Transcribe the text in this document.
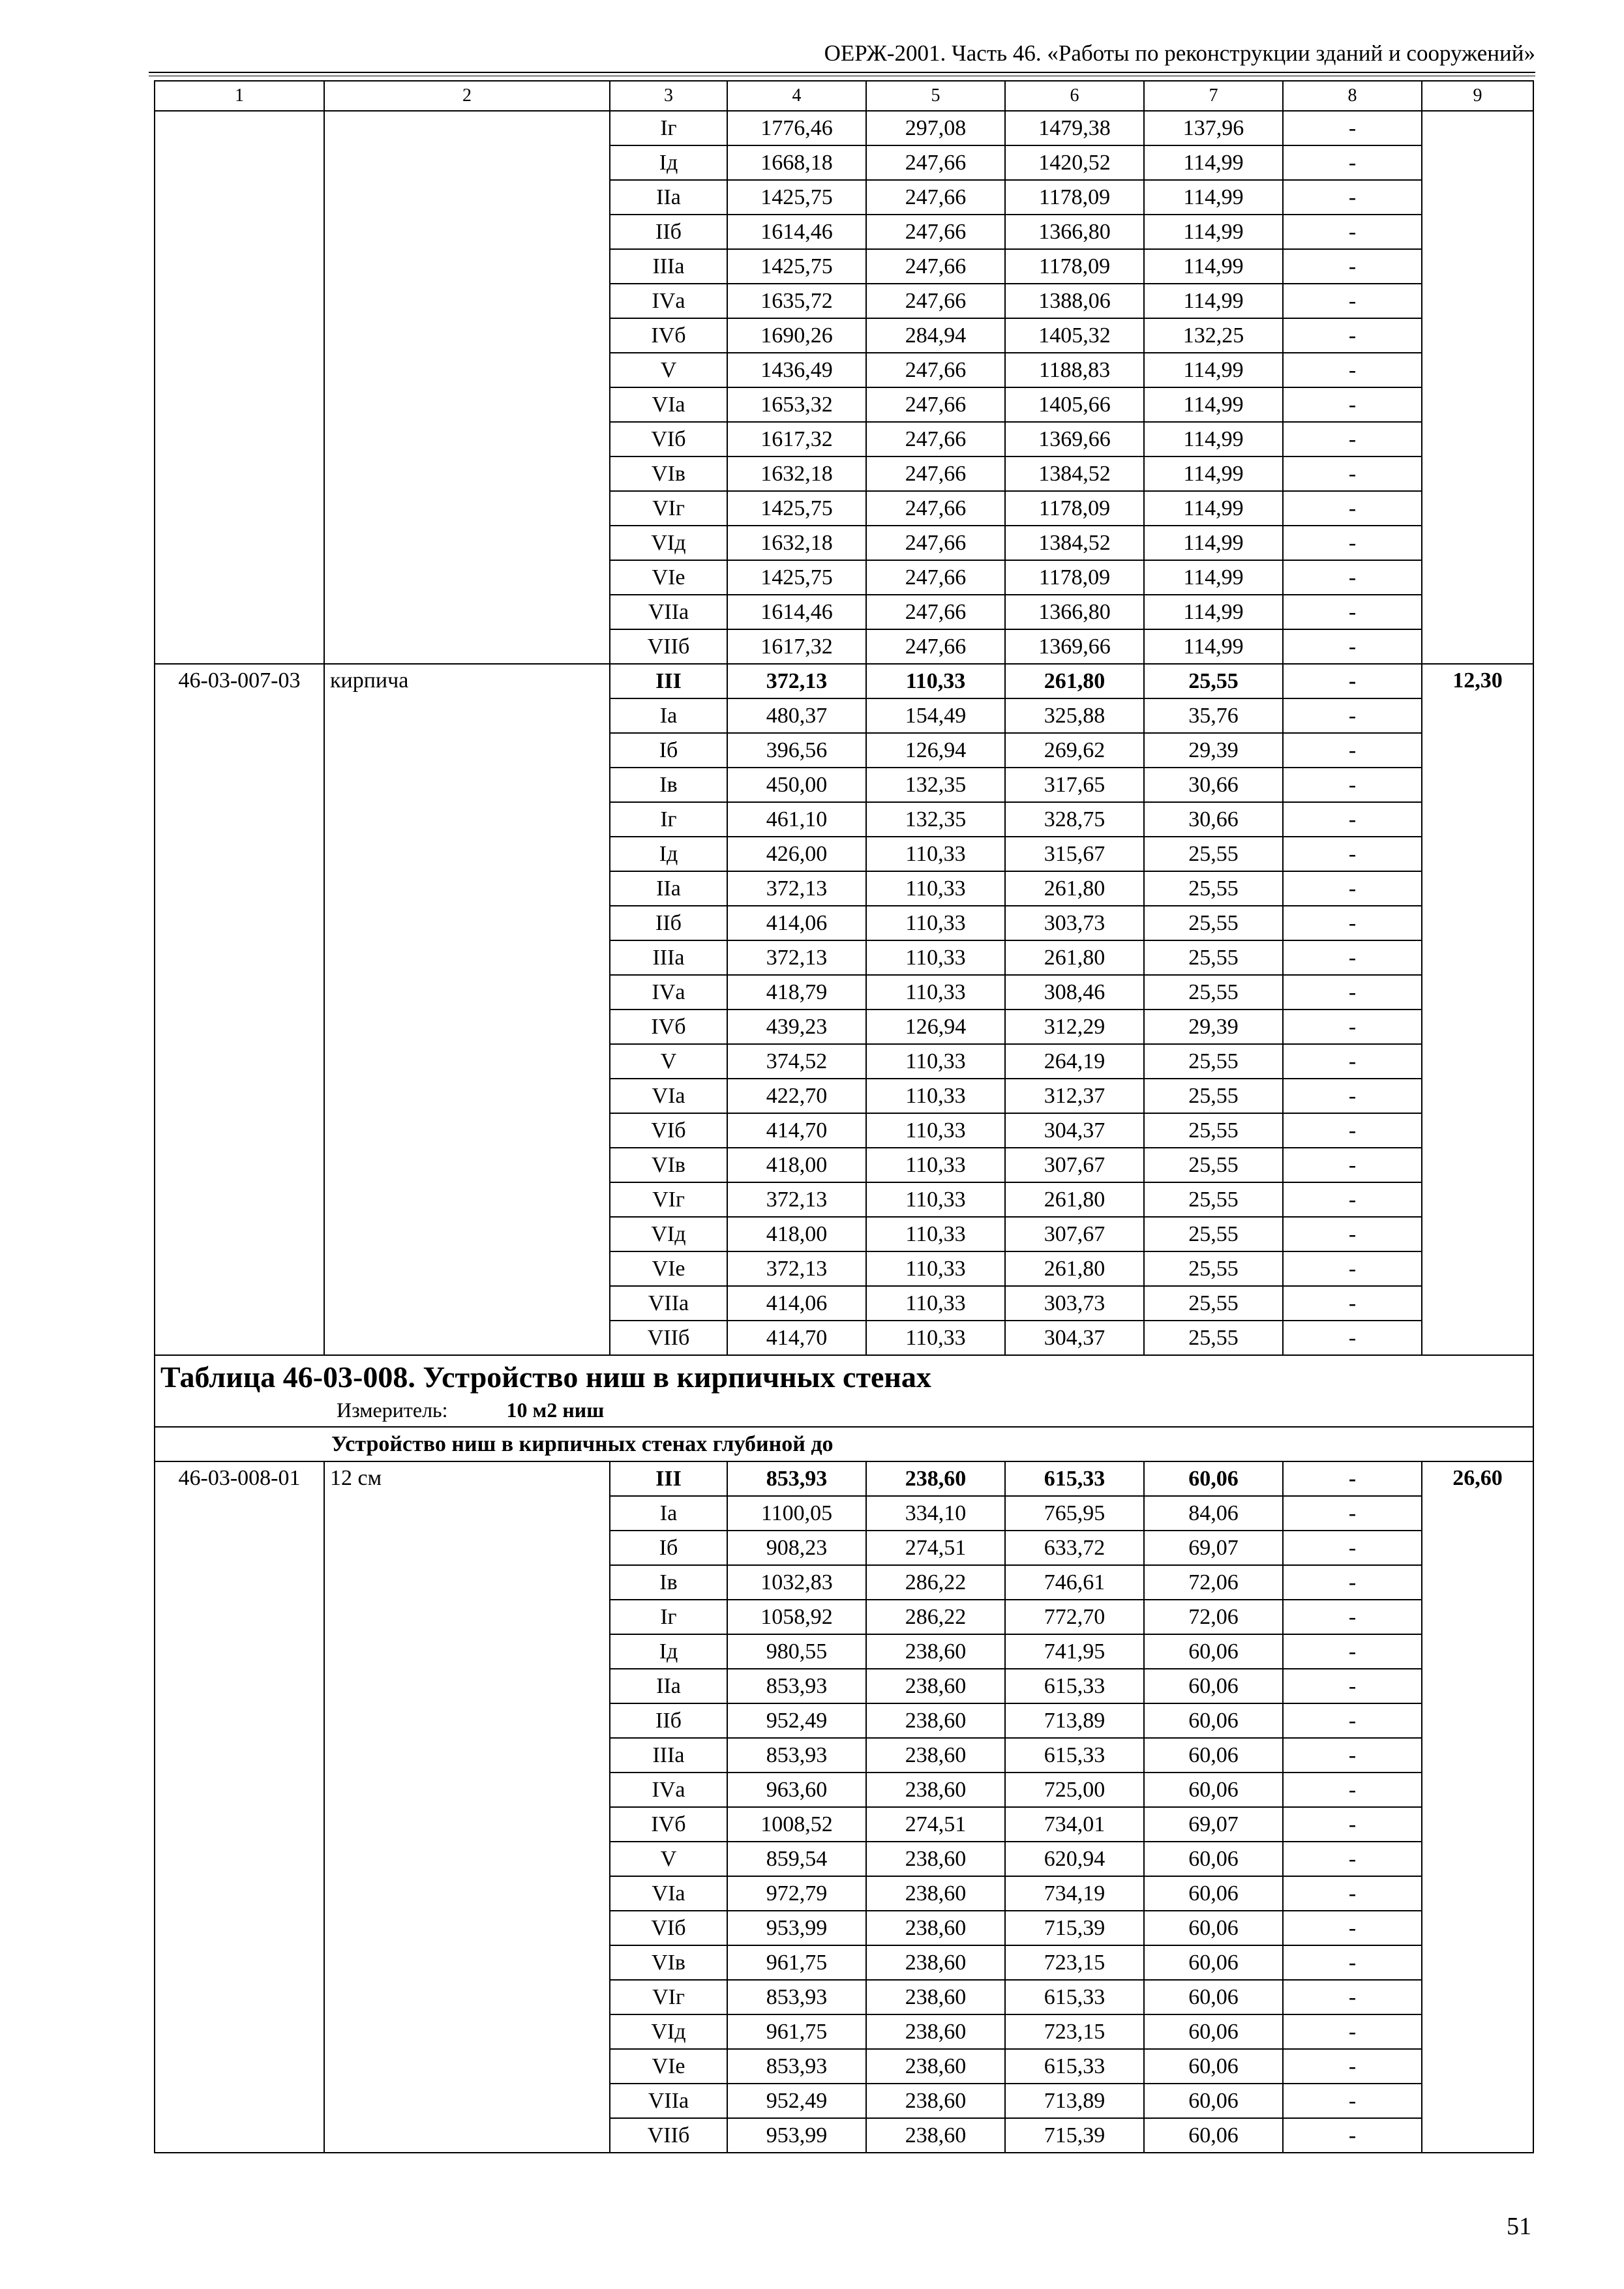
ОЕРЖ-2001. Часть 46. «Работы по реконструкции зданий и сооружений»
1	2	3	4	5	6	7	8	9
		Iг	1776,46	297,08	1479,38	137,96	-	
		Iд	1668,18	247,66	1420,52	114,99	-	
		IIа	1425,75	247,66	1178,09	114,99	-	
		IIб	1614,46	247,66	1366,80	114,99	-	
		IIIа	1425,75	247,66	1178,09	114,99	-	
		IVа	1635,72	247,66	1388,06	114,99	-	
		IVб	1690,26	284,94	1405,32	132,25	-	
		V	1436,49	247,66	1188,83	114,99	-	
		VIа	1653,32	247,66	1405,66	114,99	-	
		VIб	1617,32	247,66	1369,66	114,99	-	
		VIв	1632,18	247,66	1384,52	114,99	-	
		VIг	1425,75	247,66	1178,09	114,99	-	
		VIд	1632,18	247,66	1384,52	114,99	-	
		VIе	1425,75	247,66	1178,09	114,99	-	
		VIIа	1614,46	247,66	1366,80	114,99	-	
		VIIб	1617,32	247,66	1369,66	114,99	-	
46-03-007-03	кирпича	III	372,13	110,33	261,80	25,55	-	12,30
		Iа	480,37	154,49	325,88	35,76	-	
		Iб	396,56	126,94	269,62	29,39	-	
		Iв	450,00	132,35	317,65	30,66	-	
		Iг	461,10	132,35	328,75	30,66	-	
		Iд	426,00	110,33	315,67	25,55	-	
		IIа	372,13	110,33	261,80	25,55	-	
		IIб	414,06	110,33	303,73	25,55	-	
		IIIа	372,13	110,33	261,80	25,55	-	
		IVа	418,79	110,33	308,46	25,55	-	
		IVб	439,23	126,94	312,29	29,39	-	
		V	374,52	110,33	264,19	25,55	-	
		VIа	422,70	110,33	312,37	25,55	-	
		VIб	414,70	110,33	304,37	25,55	-	
		VIв	418,00	110,33	307,67	25,55	-	
		VIг	372,13	110,33	261,80	25,55	-	
		VIд	418,00	110,33	307,67	25,55	-	
		VIе	372,13	110,33	261,80	25,55	-	
		VIIа	414,06	110,33	303,73	25,55	-	
		VIIб	414,70	110,33	304,37	25,55	-	

Таблица 46-03-008. Устройство ниш в кирпичных стенах
Измеритель: 10 м2 ниш								

Устройство ниш в кирпичных стенах глубиной до								
46-03-008-01	12 см	III	853,93	238,60	615,33	60,06	-	26,60
		Iа	1100,05	334,10	765,95	84,06	-	
		Iб	908,23	274,51	633,72	69,07	-	
		Iв	1032,83	286,22	746,61	72,06	-	
		Iг	1058,92	286,22	772,70	72,06	-	
		Iд	980,55	238,60	741,95	60,06	-	
		IIа	853,93	238,60	615,33	60,06	-	
		IIб	952,49	238,60	713,89	60,06	-	
		IIIа	853,93	238,60	615,33	60,06	-	
		IVа	963,60	238,60	725,00	60,06	-	
		IVб	1008,52	274,51	734,01	69,07	-	
		V	859,54	238,60	620,94	60,06	-	
		VIа	972,79	238,60	734,19	60,06	-	
		VIб	953,99	238,60	715,39	60,06	-	
		VIв	961,75	238,60	723,15	60,06	-	
		VIг	853,93	238,60	615,33	60,06	-	
		VIд	961,75	238,60	723,15	60,06	-	
		VIе	853,93	238,60	615,33	60,06	-	
		VIIа	952,49	238,60	713,89	60,06	-	
		VIIб	953,99	238,60	715,39	60,06	-	
51
